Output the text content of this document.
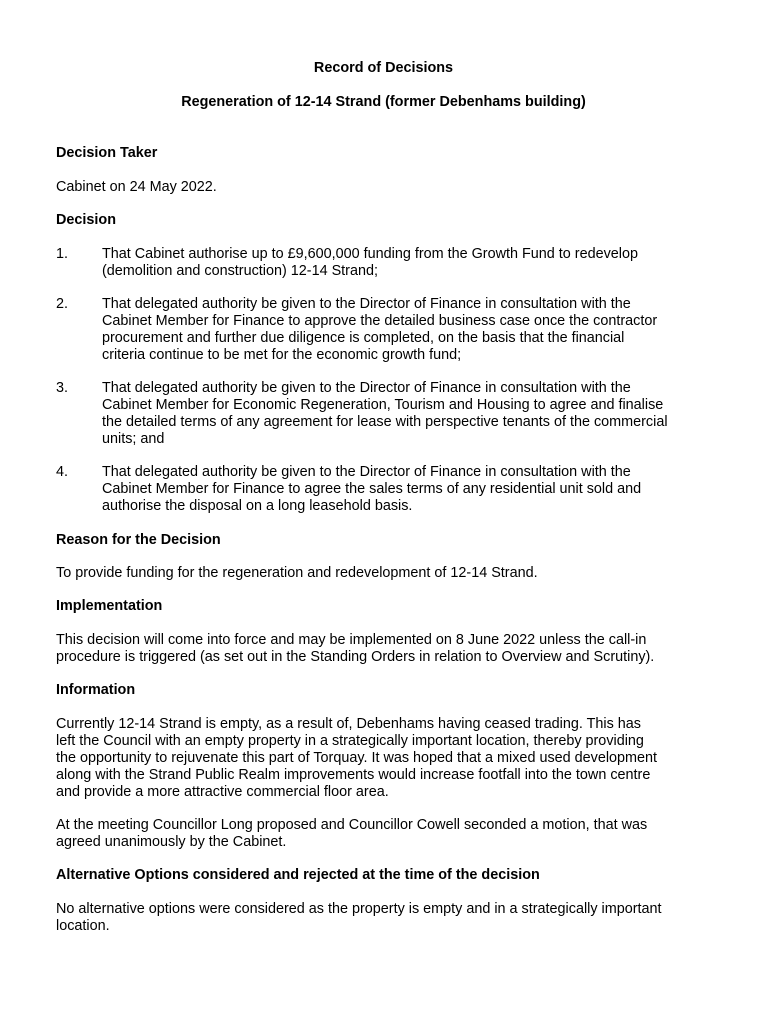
Record of Decisions
Regeneration of 12-14 Strand (former Debenhams building)
Decision Taker
Cabinet on 24 May 2022.
Decision
1. That Cabinet authorise up to £9,600,000 funding from the Growth Fund to redevelop
(demolition and construction) 12-14 Strand;
2. That delegated authority be given to the Director of Finance in consultation with the
Cabinet Member for Finance to approve the detailed business case once the contractor
procurement and further due diligence is completed, on the basis that the financial
criteria continue to be met for the economic growth fund;
3. That delegated authority be given to the Director of Finance in consultation with the
Cabinet Member for Economic Regeneration, Tourism and Housing to agree and finalise
the detailed terms of any agreement for lease with perspective tenants of the commercial
units; and
4. That delegated authority be given to the Director of Finance in consultation with the
Cabinet Member for Finance to agree the sales terms of any residential unit sold and
authorise the disposal on a long leasehold basis.
Reason for the Decision
To provide funding for the regeneration and redevelopment of 12-14 Strand.
Implementation
This decision will come into force and may be implemented on 8 June 2022 unless the call-in
procedure is triggered (as set out in the Standing Orders in relation to Overview and Scrutiny).
Information
Currently 12-14 Strand is empty, as a result of, Debenhams having ceased trading. This has
left the Council with an empty property in a strategically important location, thereby providing
the opportunity to rejuvenate this part of Torquay. It was hoped that a mixed used development
along with the Strand Public Realm improvements would increase footfall into the town centre
and provide a more attractive commercial floor area.
At the meeting Councillor Long proposed and Councillor Cowell seconded a motion, that was
agreed unanimously by the Cabinet.
Alternative Options considered and rejected at the time of the decision
No alternative options were considered as the property is empty and in a strategically important
location.
